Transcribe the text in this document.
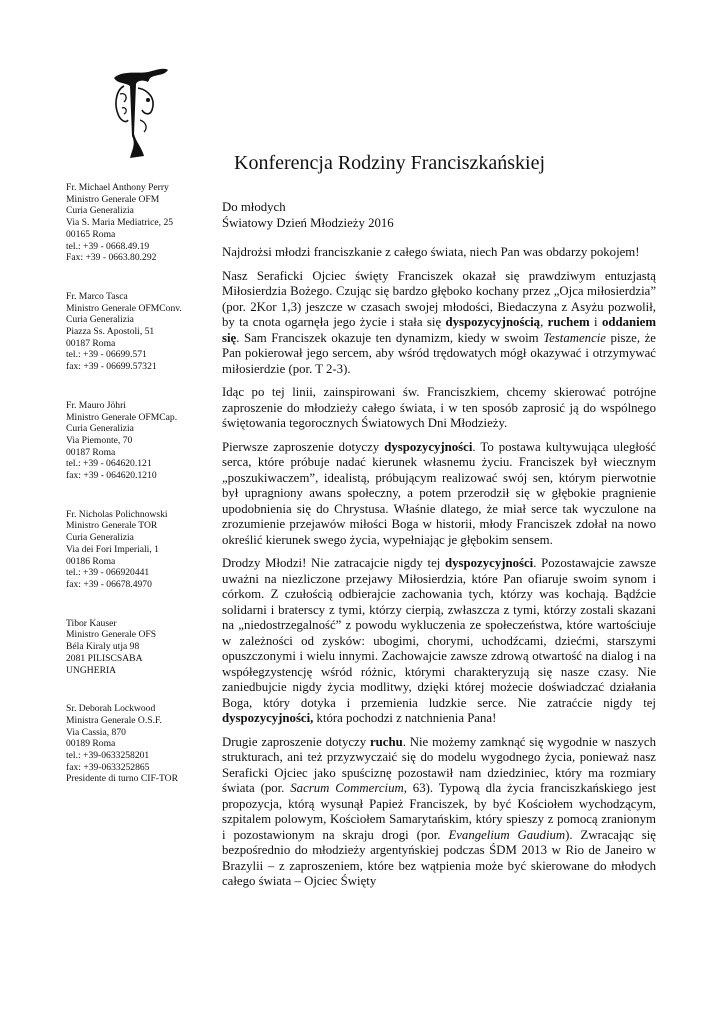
Fr. Michael Anthony Perry
Ministro Generale OFM
Curia Generalizia
Via S. Maria Mediatrice, 25
00165 Roma
tel.: +39 - 0668.49.19
Fax: +39 - 0663.80.292
Fr. Marco Tasca
Ministro Generale OFMConv.
Curia Generalizia
Piazza Ss. Apostoli, 51
00187 Roma
tel.: +39 - 06699.571
fax: +39 - 06699.57321
Fr. Mauro Jöhri
Ministro Generale OFMCap.
Curia Generalizia
Via Piemonte, 70
00187 Roma
tel.: +39 - 064620.121
fax: +39 - 064620.1210
Fr. Nicholas Polichnowski
Ministro Generale TOR
Curia Generalizia
Via dei Fori Imperiali, 1
00186 Roma
tel.: +39 - 066920441
fax: +39 - 06678.4970
Tibor Kauser
Ministro Generale OFS
Béla Kiraly utja 98
2081 PILISCSABA
UNGHERIA
Sr. Deborah Lockwood
Ministra Generale O.S.F.
Via Cassia, 870
00189 Roma
tel.: +39-0633258201
fax: +39-0633252865
Presidente di turno CIF-TOR
Konferencja Rodziny Franciszkańskiej
Do młodych
Światowy Dzień Młodzieży 2016

Najdrożsi młodzi franciszkanie z całego świata, niech Pan was obdarzy pokojem!

Nasz Seraficki Ojciec święty Franciszek okazał się prawdziwym entuzjastą Miłosierdzia Bożego. Czując się bardzo głęboko kochany przez „Ojca miłosierdzia” (por. 2Kor 1,3) jeszcze w czasach swojej młodości, Biedaczyna z Asyżu pozwolił, by ta cnota ogarnęła jego życie i stała się dyspozycyjnością, ruchem i oddaniem się. Sam Franciszek okazuje ten dynamizm, kiedy w swoim Testamencie pisze, że Pan pokierował jego sercem, aby wśród trędowatych mógł okazywać i otrzymywać miłosierdzie (por. T 2-3).

Idąc po tej linii, zainspirowani św. Franciszkiem, chcemy skierować potrójne zaproszenie do młodzieży całego świata, i w ten sposób zaprosić ją do wspólnego świętowania tegorocznych Światowych Dni Młodzieży.

Pierwsze zaproszenie dotyczy dyspozycyjności. To postawa kultywująca uległość serca, które próbuje nadać kierunek własnemu życiu. Franciszek był wiecznym „poszukiwaczem”, idealistą, próbującym realizować swój sen, którym pierwotnie był upragniony awans społeczny, a potem przerodził się w głębokie pragnienie upodobnienia się do Chrystusa. Właśnie dlatego, że miał serce tak wyczulone na zrozumienie przejawów miłości Boga w historii, młody Franciszek zdołał na nowo określić kierunek swego życia, wypełniając je głębokim sensem.

Drodzy Młodzi! Nie zatracajcie nigdy tej dyspozycyjności. Pozostawajcie zawsze uważni na niezliczone przejawy Miłosierdzia, które Pan ofiaruje swoim synom i córkom. Z czułością odbierajcie zachowania tych, którzy was kochają. Bądźcie solidarni i braterscy z tymi, którzy cierpią, zwłaszcza z tymi, którzy zostali skazani na „niedostrzegalność” z powodu wykluczenia ze społeczeństwa, które wartościuje w zależności od zysków: ubogimi, chorymi, uchodźcami, dziećmi, starszymi opuszczonymi i wielu innymi. Zachowajcie zawsze zdrową otwartość na dialog i na współegzystencję wśród różnic, którymi charakteryzują się nasze czasy. Nie zaniedbujcie nigdy życia modlitwy, dzięki której możecie doświadczać działania Boga, który dotyka i przemienia ludzkie serce. Nie zatraćcie nigdy tej dyspozycyjności, która pochodzi z natchnienia Pana!

Drugie zaproszenie dotyczy ruchu. Nie możemy zamknąć się wygodnie w naszych strukturach, ani też przyzwyczaić się do modelu wygodnego życia, ponieważ nasz Seraficki Ojciec jako spuściznę pozostawił nam dziedziniec, który ma rozmiary świata (por. Sacrum Commercium, 63). Typową dla życia franciszkańskiego jest propozycja, którą wysunął Papież Franciszek, by być Kościołem wychodzącym, szpitalem polowym, Kościołem Samarytańskim, który spieszy z pomocą zranionym i pozostawionym na skraju drogi (por. Evangelium Gaudium). Zwracając się bezpośrednio do młodzieży argentyńskiej podczas ŚDM 2013 w Rio de Janeiro w Brazylii – z zaproszeniem, które bez wątpienia może być skierowane do młodych całego świata – Ojciec Święty
